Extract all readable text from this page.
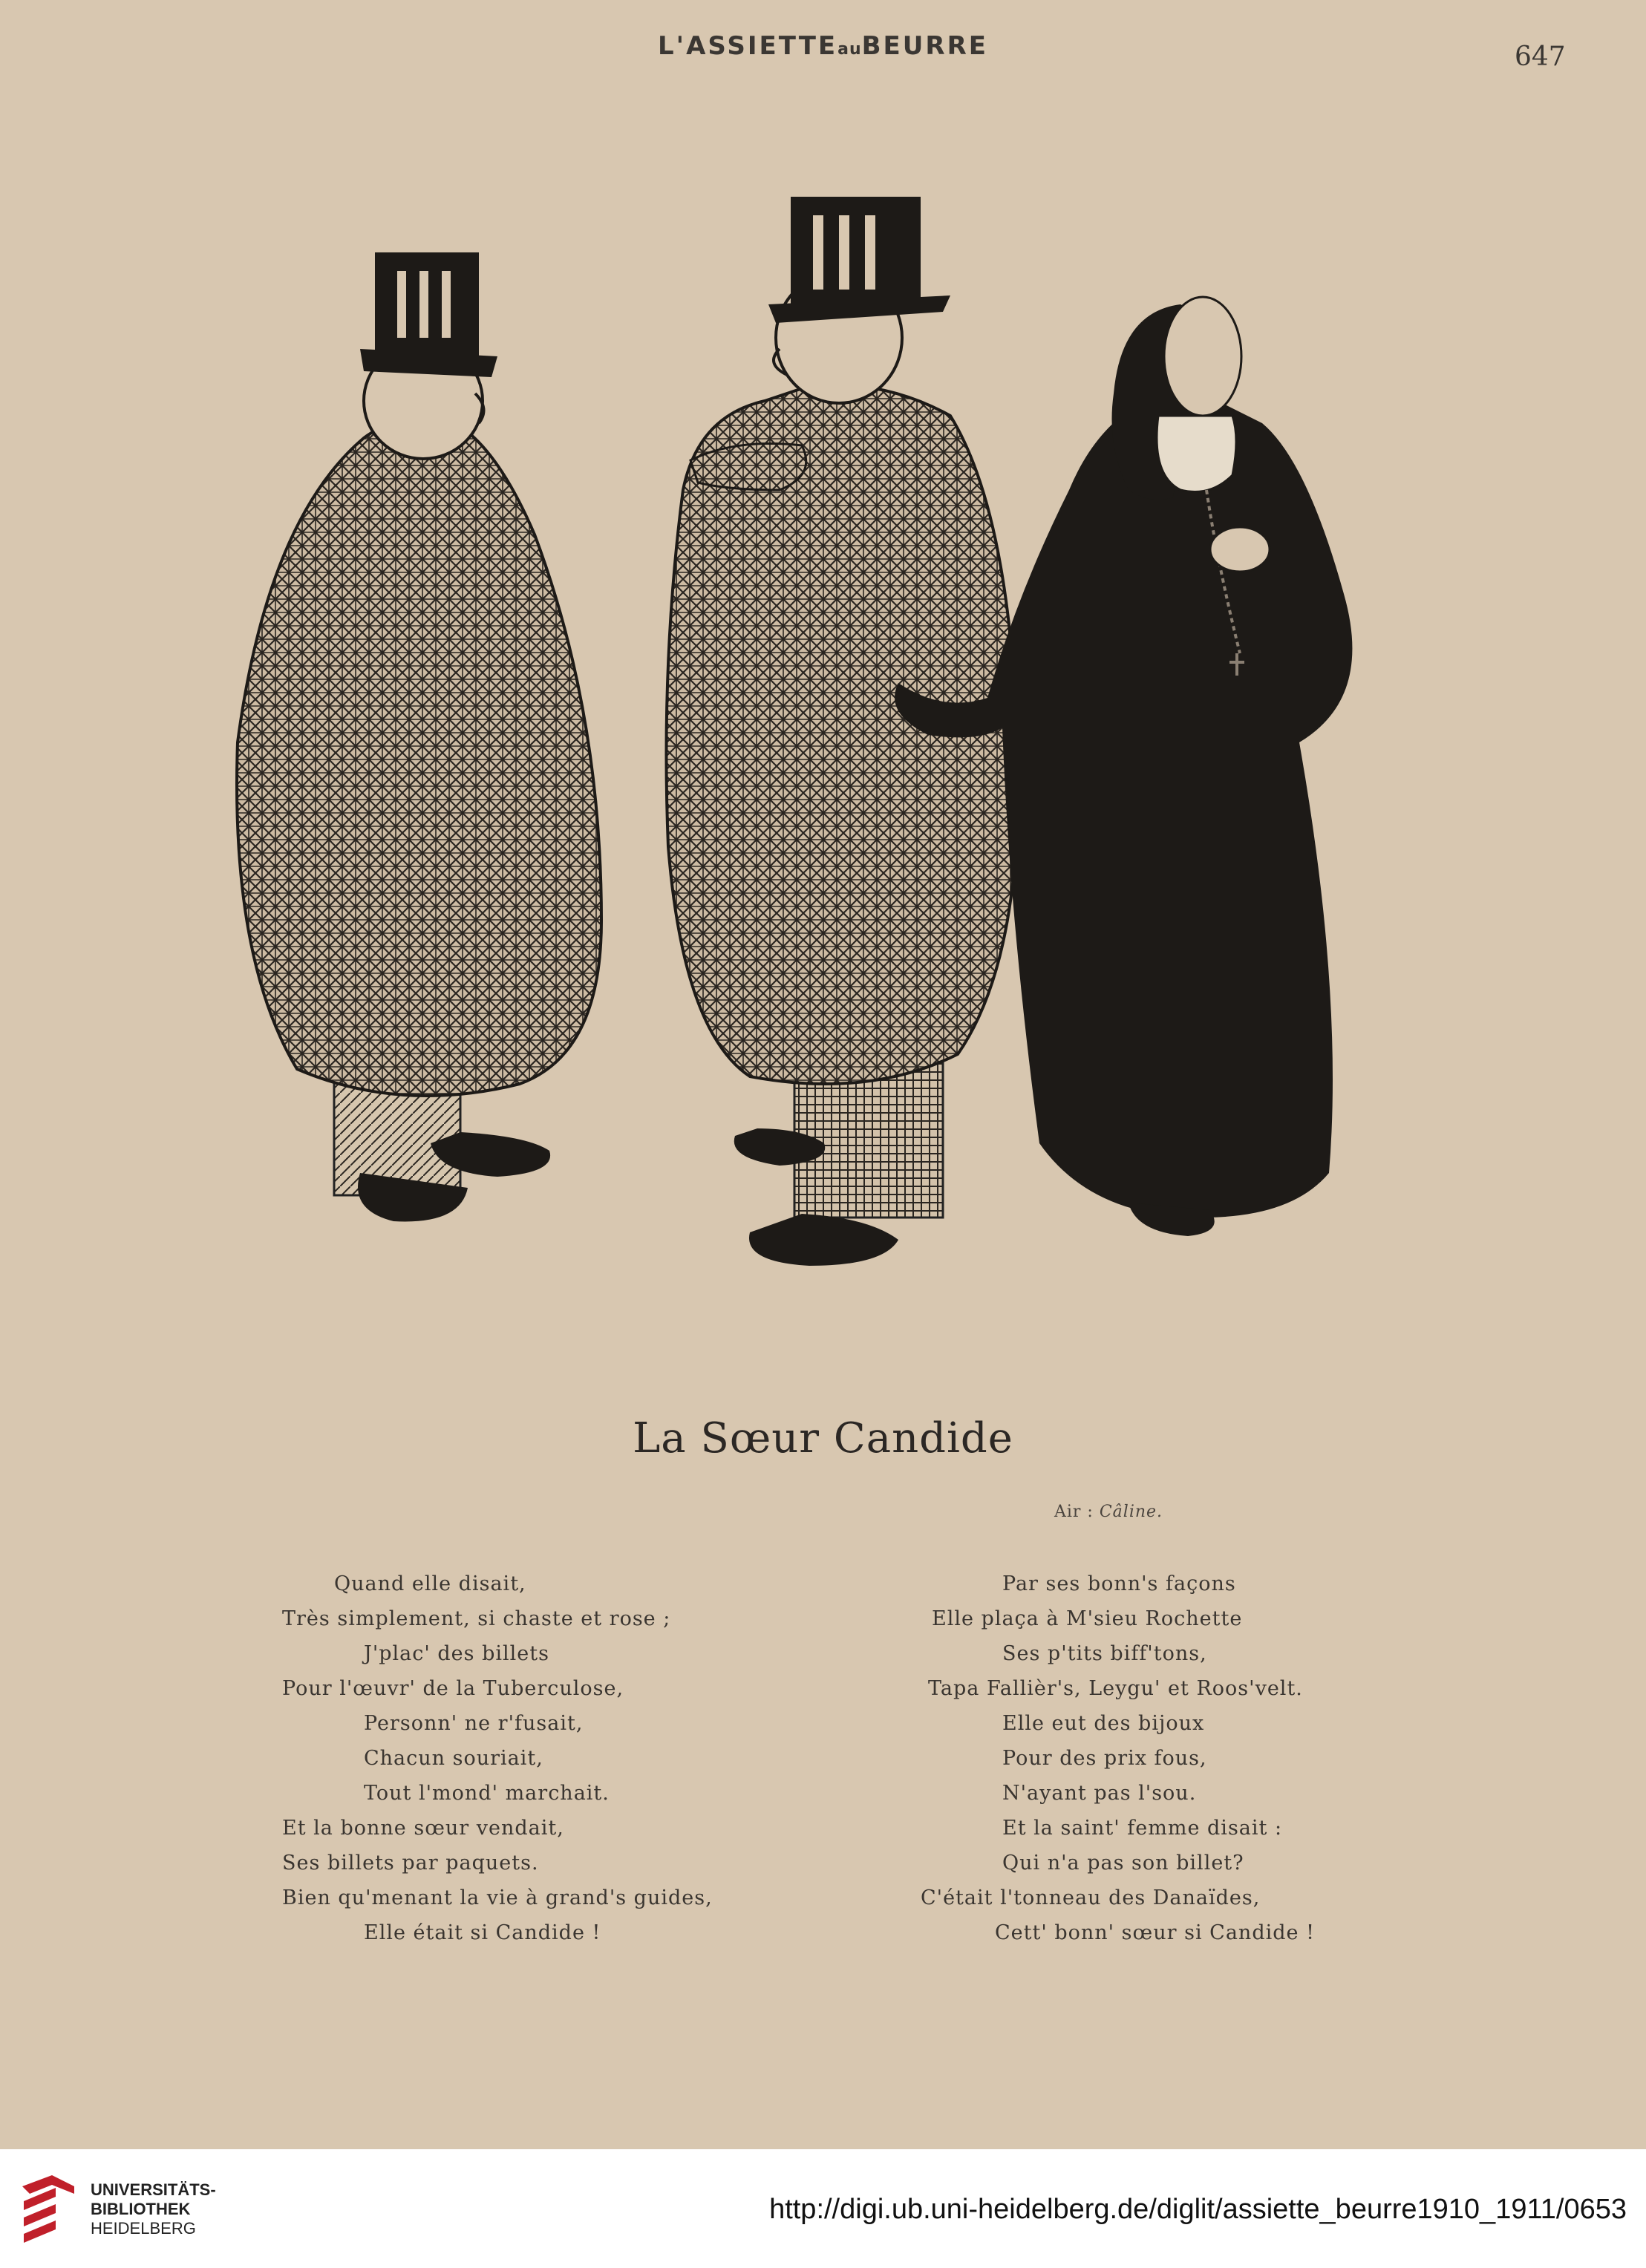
L'ASSIETTEauBEURRE	647
La Sœur Candide
Air : Câline.
Quand elle disait,
Très simplement, si chaste et rose ;
J'plac' des billets
Pour l'œuvr' de la Tuberculose,
Personn' ne r'fusait,
Chacun souriait,
Tout l'mond' marchait.
Et la bonne sœur vendait,
Ses billets par paquets.
Bien qu'menant la vie à grand's guides,
Elle était si Candide !
Par ses bonn's façons
Elle plaça à M'sieu Rochette
Ses p'tits biff'tons,
Tapa Fallièr's, Leygu' et Roos'velt.
Elle eut des bijoux
Pour des prix fous,
N'ayant pas l'sou.
Et la saint' femme disait :
Qui n'a pas son billet?
C'était l'tonneau des Danaïdes,
Cett' bonn' sœur si Candide !
UNIVERSITÄTS-
BIBLIOTHEK
HEIDELBERG
http://digi.ub.uni-heidelberg.de/diglit/assiette_beurre1910_1911/0653
